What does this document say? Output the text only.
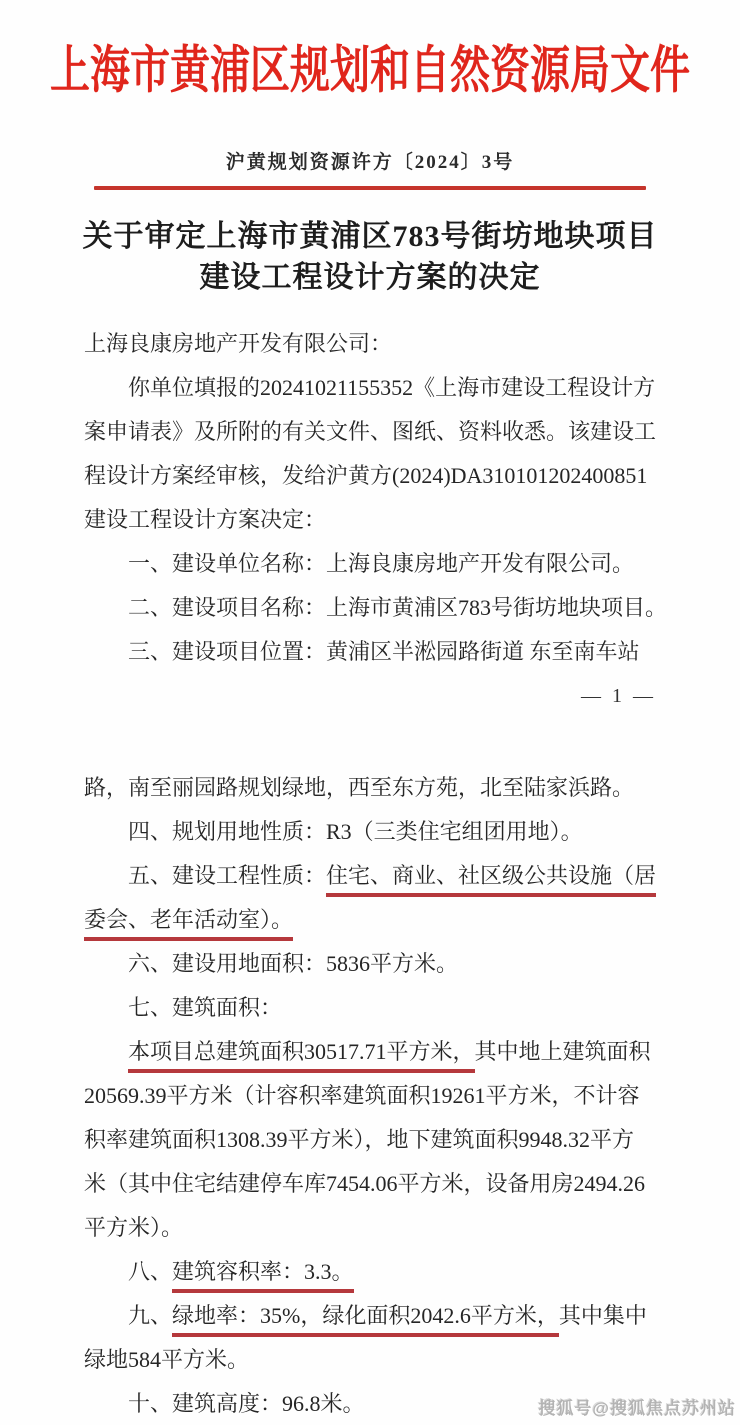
上海市黄浦区规划和自然资源局文件
沪黄规划资源许方〔2024〕3号
关于审定上海市黄浦区783号街坊地块项目
建设工程设计方案的决定
上海良康房地产开发有限公司：
你单位填报的20241021155352《上海市建设工程设计方
案申请表》及所附的有关文件、图纸、资料收悉。该建设工
程设计方案经审核，发给沪黄方(2024)DA310101202400851
建设工程设计方案决定：
一、建设单位名称：上海良康房地产开发有限公司。
二、建设项目名称：上海市黄浦区783号街坊地块项目。
三、建设项目位置：黄浦区半淞园路街道 东至南车站
— 1 —
路，南至丽园路规划绿地，西至东方苑，北至陆家浜路。
四、规划用地性质：R3（三类住宅组团用地）。
五、建设工程性质：住宅、商业、社区级公共设施（居
委会、老年活动室）。
六、建设用地面积：5836平方米。
七、建筑面积：
本项目总建筑面积30517.71平方米，其中地上建筑面积
20569.39平方米（计容积率建筑面积19261平方米，不计容
积率建筑面积1308.39平方米），地下建筑面积9948.32平方
米（其中住宅结建停车库7454.06平方米，设备用房2494.26
平方米）。
八、建筑容积率：3.3。
九、绿地率：35%，绿化面积2042.6平方米，其中集中
绿地584平方米。
十、建筑高度：96.8米。	搜狐号@搜狐焦点苏州站
